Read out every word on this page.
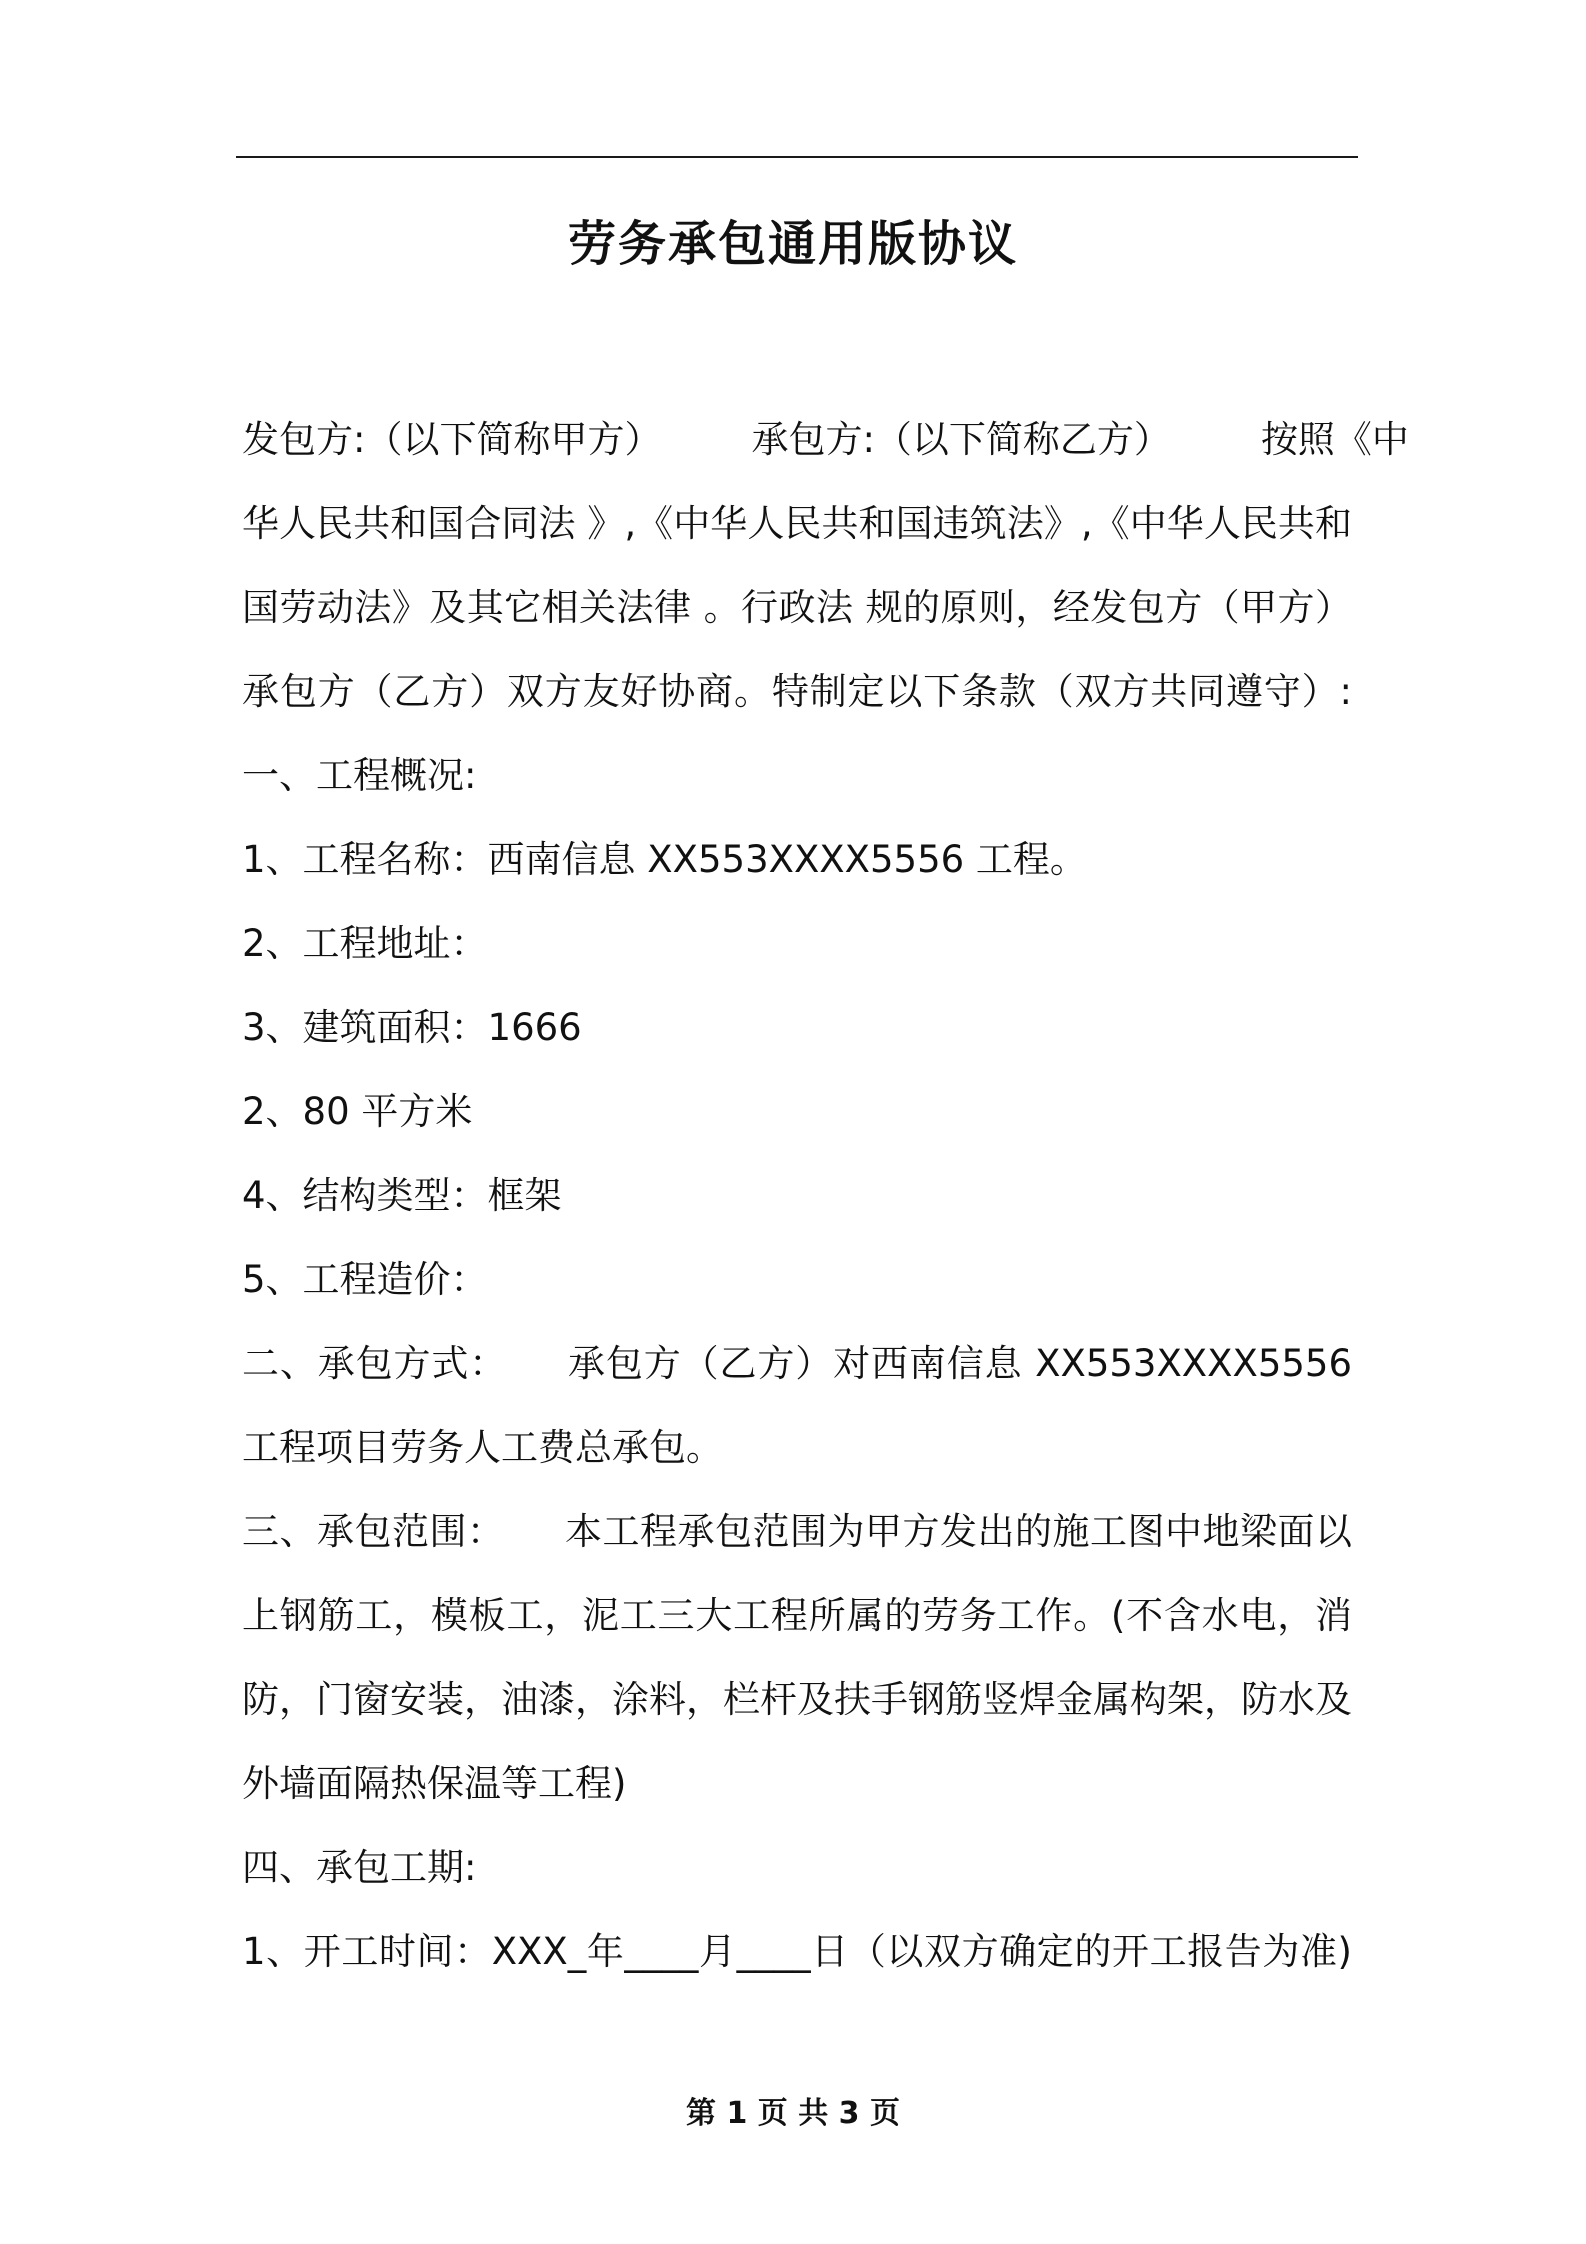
劳务承包通用版协议

发包方:（以下简称甲方） 承包方:（以下简称乙方） 按照《中

华人民共和国合同法 》,《中华人民共和国违筑法》,《中华人民共和

国劳动法》及其它相关法律 。行政法 规的原则，经发包方（甲方）

承包方（乙方）双方友好协商。特制定以下条款（双方共同遵守）:

一、工程概况:

1、工程名称：西南信息 XX553XXXX5556 工程。

2、工程地址：

3、建筑面积：1666

2、80 平方米

4、结构类型：框架

5、工程造价：

二、承包方式： 承包方（乙方）对西南信息 XX553XXXX5556

工程项目劳务人工费总承包。

三、承包范围： 本工程承包范围为甲方发出的施工图中地梁面以

上钢筋工，模板工，泥工三大工程所属的劳务工作。(不含水电，消

防，门窗安装，油漆，涂料，栏杆及扶手钢筋竖焊金属构架，防水及

外墙面隔热保温等工程)

四、承包工期:

1、开工时间：XXX_年____月____日（以双方确定的开工报告为准)

第 1 页 共 3 页
